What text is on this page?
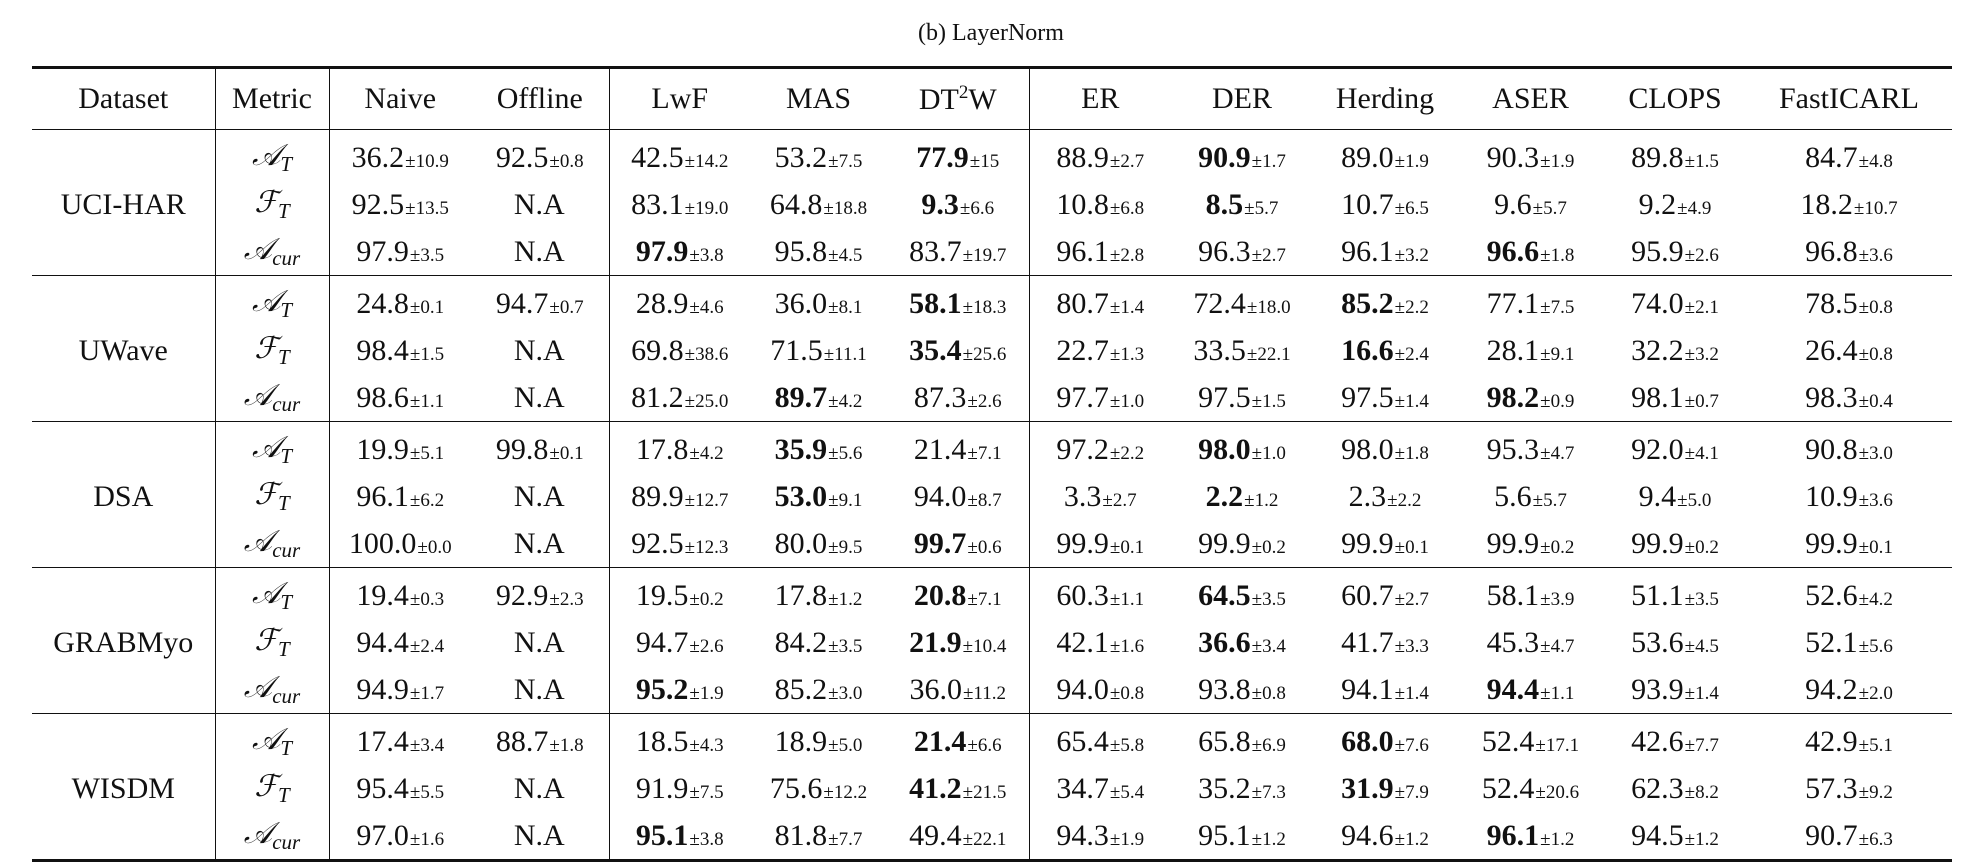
(b) LayerNorm
Dataset	Metric	Naive	Offline	LwF	MAS	$DT^2W$	ER	DER	Herding	ASER	CLOPS	FastICARL
UCI-HAR	𝒜$_T$	36.2±10.9	92.5±0.8	42.5±14.2	53.2±7.5	77.9±15	88.9±2.7	90.9±1.7	89.0±1.9	90.3±1.9	89.8±1.5	84.7±4.8
	ℱ$_T$	92.5±13.5	N.A	83.1±19.0	64.8±18.8	9.3±6.6	10.8±6.8	8.5±5.7	10.7±6.5	9.6±5.7	9.2±4.9	18.2±10.7
	𝒜$_{cur}$	97.9±3.5	N.A	97.9±3.8	95.8±4.5	83.7±19.7	96.1±2.8	96.3±2.7	96.1±3.2	96.6±1.8	95.9±2.6	96.8±3.6
UWave	𝒜$_T$	24.8±0.1	94.7±0.7	28.9±4.6	36.0±8.1	58.1±18.3	80.7±1.4	72.4±18.0	85.2±2.2	77.1±7.5	74.0±2.1	78.5±0.8
	ℱ$_T$	98.4±1.5	N.A	69.8±38.6	71.5±11.1	35.4±25.6	22.7±1.3	33.5±22.1	16.6±2.4	28.1±9.1	32.2±3.2	26.4±0.8
	𝒜$_{cur}$	98.6±1.1	N.A	81.2±25.0	89.7±4.2	87.3±2.6	97.7±1.0	97.5±1.5	97.5±1.4	98.2±0.9	98.1±0.7	98.3±0.4
DSA	𝒜$_T$	19.9±5.1	99.8±0.1	17.8±4.2	35.9±5.6	21.4±7.1	97.2±2.2	98.0±1.0	98.0±1.8	95.3±4.7	92.0±4.1	90.8±3.0
	ℱ$_T$	96.1±6.2	N.A	89.9±12.7	53.0±9.1	94.0±8.7	3.3±2.7	2.2±1.2	2.3±2.2	5.6±5.7	9.4±5.0	10.9±3.6
	𝒜$_{cur}$	100.0±0.0	N.A	92.5±12.3	80.0±9.5	99.7±0.6	99.9±0.1	99.9±0.2	99.9±0.1	99.9±0.2	99.9±0.2	99.9±0.1
GRABMyo	𝒜$_T$	19.4±0.3	92.9±2.3	19.5±0.2	17.8±1.2	20.8±7.1	60.3±1.1	64.5±3.5	60.7±2.7	58.1±3.9	51.1±3.5	52.6±4.2
	ℱ$_T$	94.4±2.4	N.A	94.7±2.6	84.2±3.5	21.9±10.4	42.1±1.6	36.6±3.4	41.7±3.3	45.3±4.7	53.6±4.5	52.1±5.6
	𝒜$_{cur}$	94.9±1.7	N.A	95.2±1.9	85.2±3.0	36.0±11.2	94.0±0.8	93.8±0.8	94.1±1.4	94.4±1.1	93.9±1.4	94.2±2.0
WISDM	𝒜$_T$	17.4±3.4	88.7±1.8	18.5±4.3	18.9±5.0	21.4±6.6	65.4±5.8	65.8±6.9	68.0±7.6	52.4±17.1	42.6±7.7	42.9±5.1
	ℱ$_T$	95.4±5.5	N.A	91.9±7.5	75.6±12.2	41.2±21.5	34.7±5.4	35.2±7.3	31.9±7.9	52.4±20.6	62.3±8.2	57.3±9.2
	𝒜$_{cur}$	97.0±1.6	N.A	95.1±3.8	81.8±7.7	49.4±22.1	94.3±1.9	95.1±1.2	94.6±1.2	96.1±1.2	94.5±1.2	90.7±6.3
